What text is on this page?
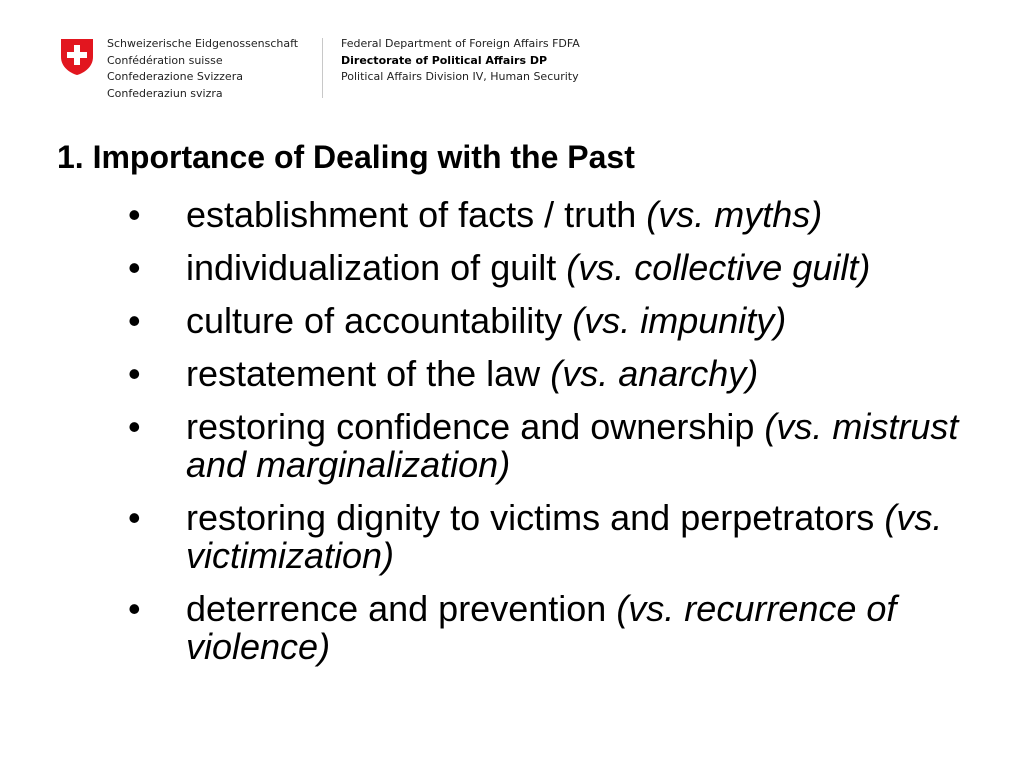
Schweizerische Eidgenossenschaft
Confédération suisse
Confederazione Svizzera
Confederaziun svizra
Federal Department of Foreign Affairs FDFA
Directorate of Political Affairs DP
Political Affairs Division IV, Human Security
1. Importance of Dealing with the Past
• establishment of facts / truth (vs. myths)
• individualization of guilt (vs. collective guilt)
• culture of accountability (vs. impunity)
• restatement of the law (vs. anarchy)
• restoring confidence and ownership (vs. mistrust and marginalization)
• restoring dignity to victims and perpetrators (vs. victimization)
• deterrence and prevention (vs. recurrence of violence)
